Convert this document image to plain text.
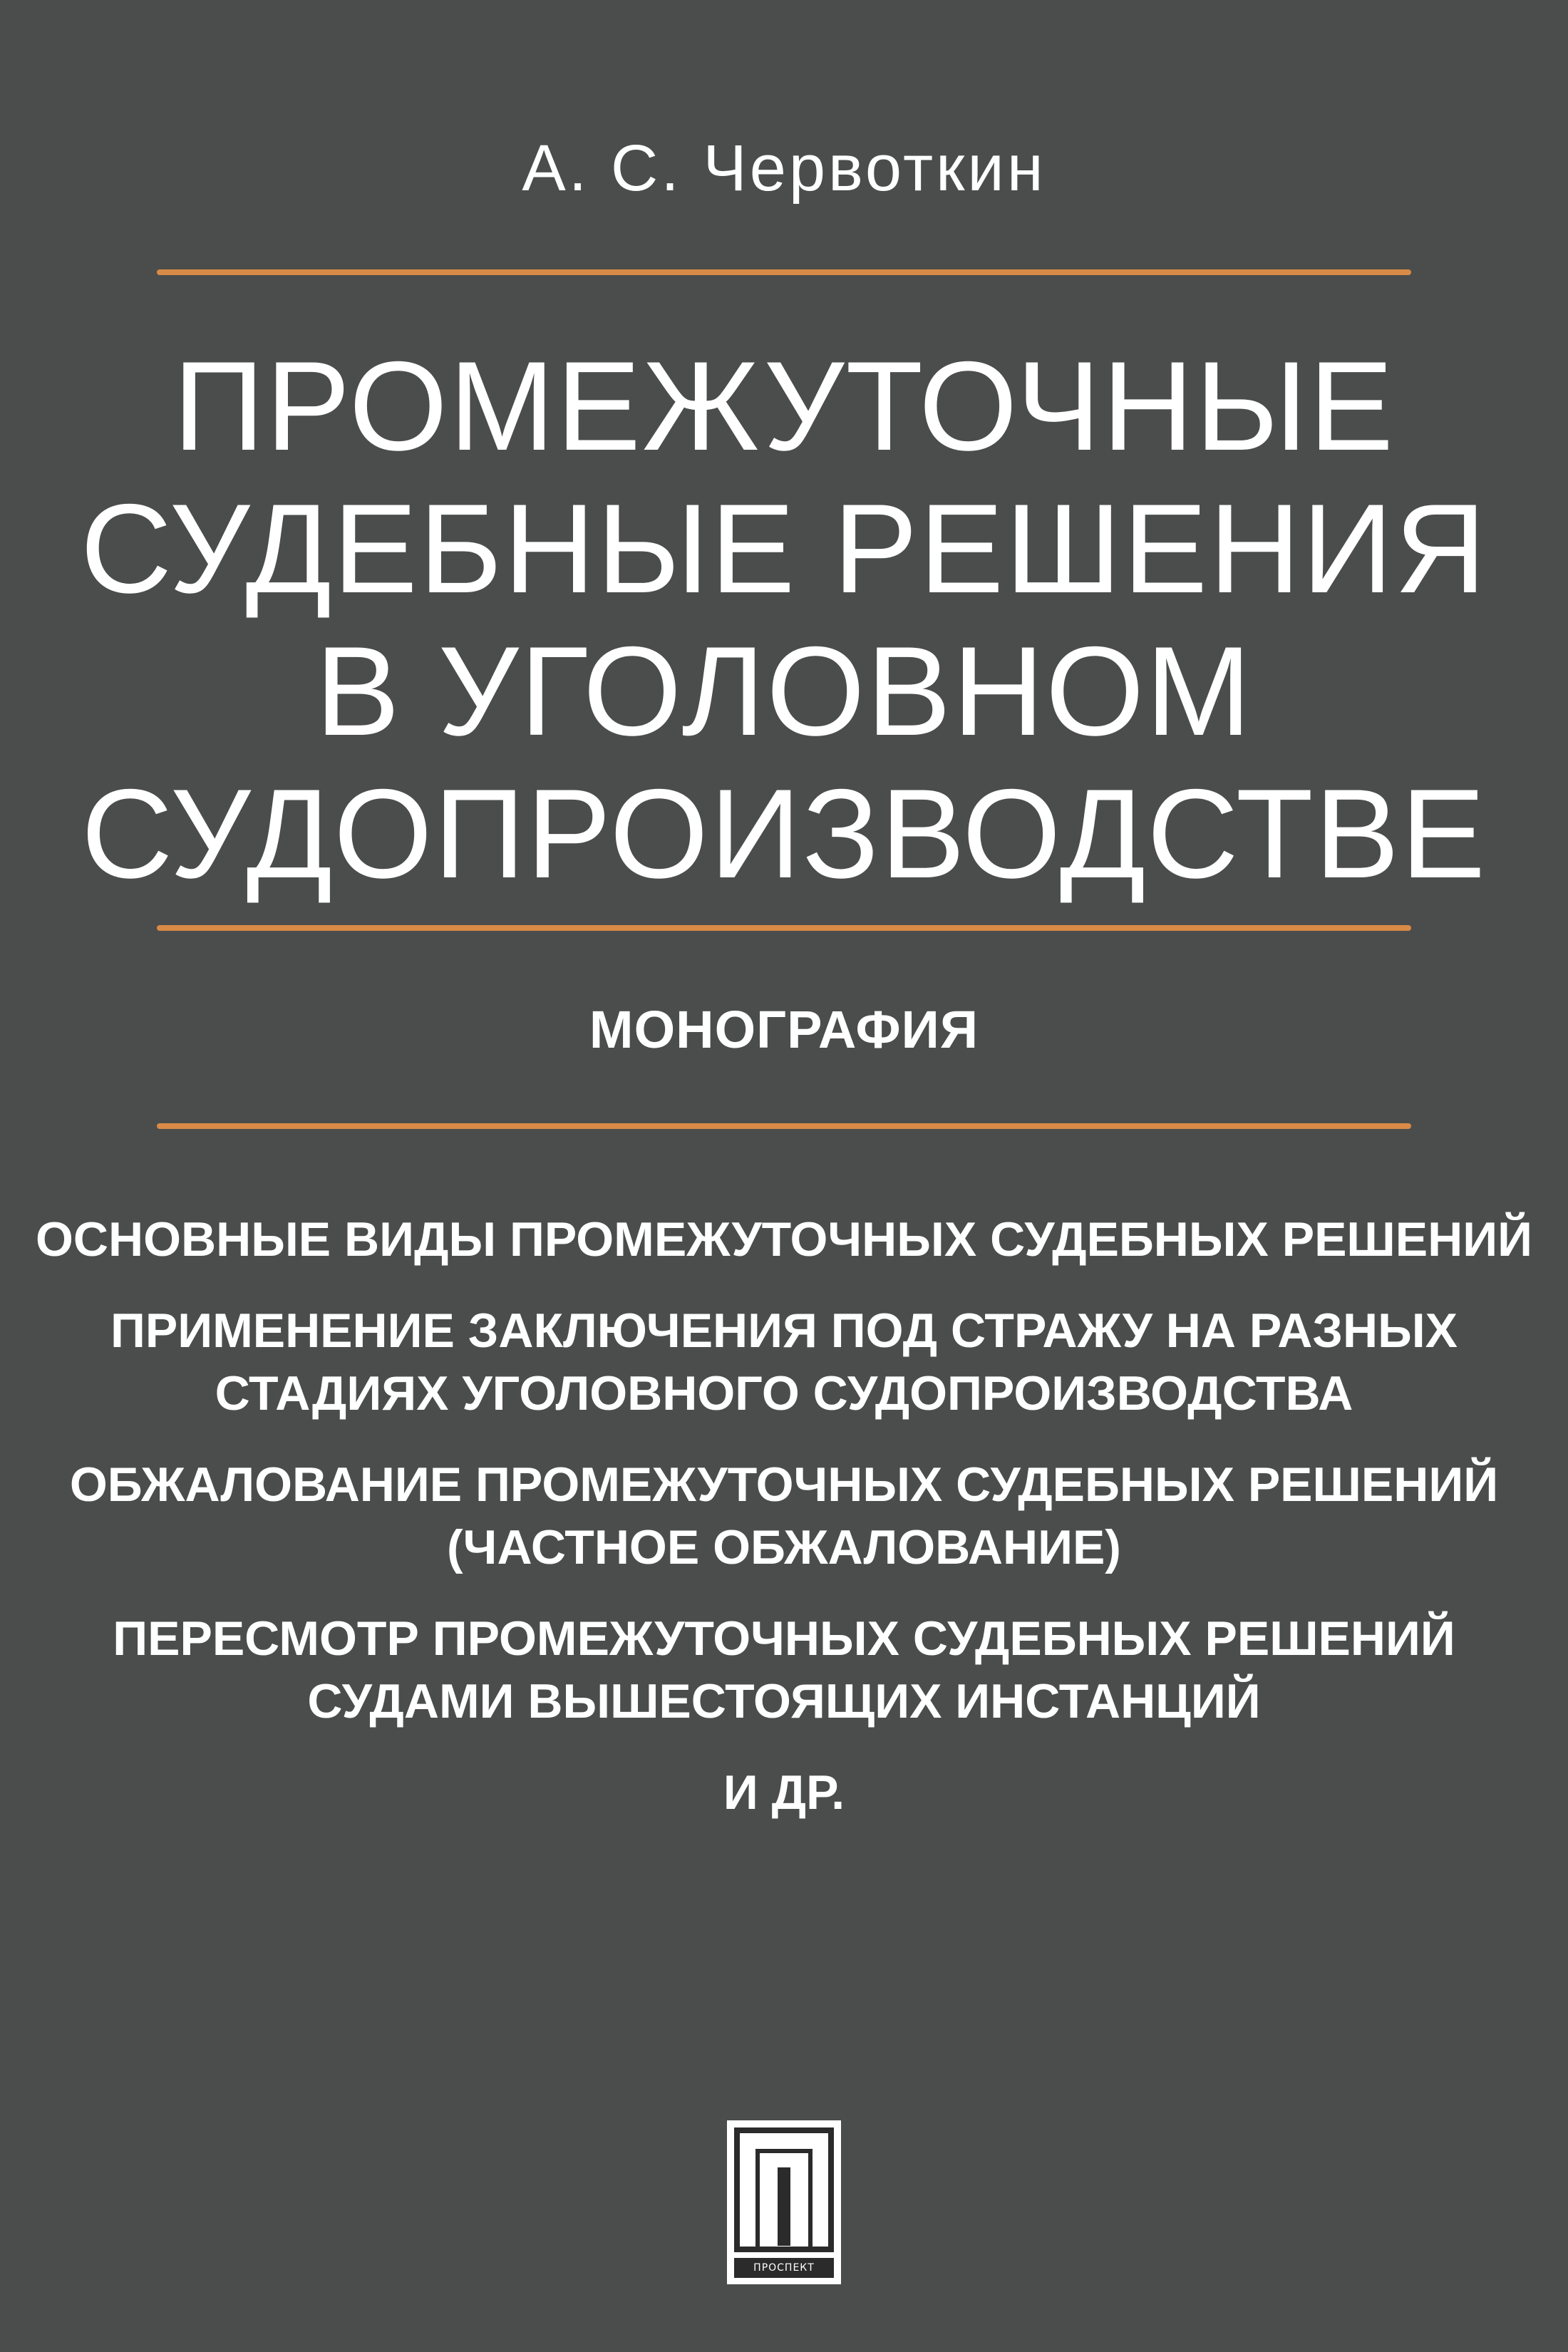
А. С. Червоткин
ПРОМЕЖУТОЧНЫЕ
СУДЕБНЫЕ РЕШЕНИЯ
В УГОЛОВНОМ
СУДОПРОИЗВОДСТВЕ
МОНОГРАФИЯ
ОСНОВНЫЕ ВИДЫ ПРОМЕЖУТОЧНЫХ СУДЕБНЫХ РЕШЕНИЙ
ПРИМЕНЕНИЕ ЗАКЛЮЧЕНИЯ ПОД СТРАЖУ НА РАЗНЫХ
СТАДИЯХ УГОЛОВНОГО СУДОПРОИЗВОДСТВА
ОБЖАЛОВАНИЕ ПРОМЕЖУТОЧНЫХ СУДЕБНЫХ РЕШЕНИЙ
(ЧАСТНОЕ ОБЖАЛОВАНИЕ)
ПЕРЕСМОТР ПРОМЕЖУТОЧНЫХ СУДЕБНЫХ РЕШЕНИЙ
СУДАМИ ВЫШЕСТОЯЩИХ ИНСТАНЦИЙ
И ДР.
ПРОСПЕКТ
